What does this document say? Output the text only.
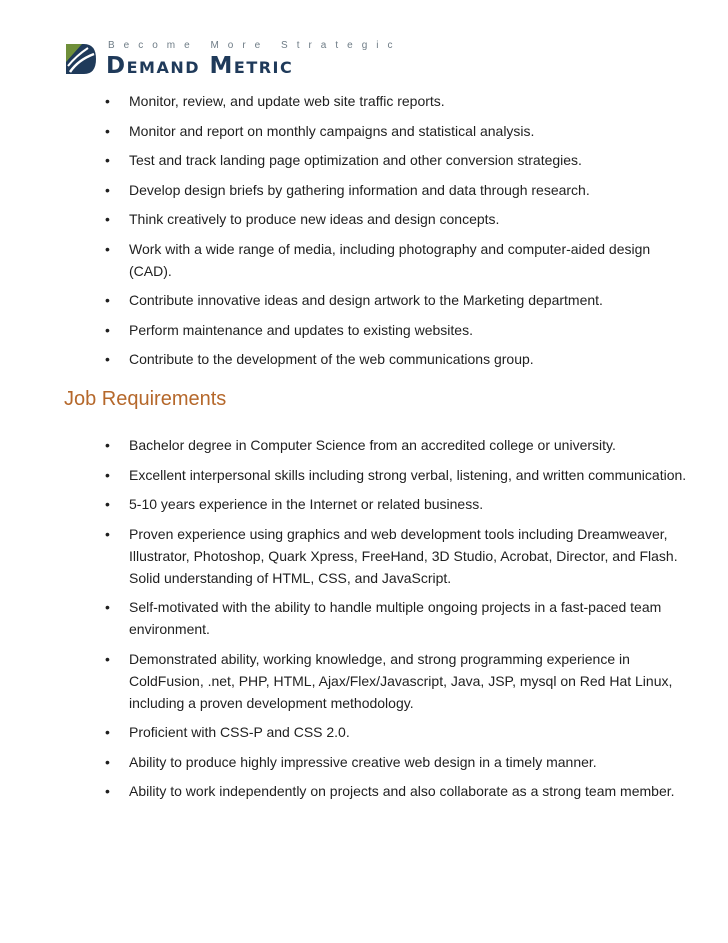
Become More Strategic
Demand Metric
• Monitor, review, and update web site traffic reports.
• Monitor and report on monthly campaigns and statistical analysis.
• Test and track landing page optimization and other conversion strategies.
• Develop design briefs by gathering information and data through research.
• Think creatively to produce new ideas and design concepts.
• Work with a wide range of media, including photography and computer-aided design (CAD).
• Contribute innovative ideas and design artwork to the Marketing department.
• Perform maintenance and updates to existing websites.
• Contribute to the development of the web communications group.
Job Requirements
• Bachelor degree in Computer Science from an accredited college or university.
• Excellent interpersonal skills including strong verbal, listening, and written communication.
• 5-10 years experience in the Internet or related business.
• Proven experience using graphics and web development tools including Dreamweaver, Illustrator, Photoshop, Quark Xpress, FreeHand, 3D Studio, Acrobat, Director, and Flash. Solid understanding of HTML, CSS, and JavaScript.
• Self-motivated with the ability to handle multiple ongoing projects in a fast-paced team environment.
• Demonstrated ability, working knowledge, and strong programming experience in ColdFusion, .net, PHP, HTML, Ajax/Flex/Javascript, Java, JSP, mysql on Red Hat Linux, including a proven development methodology.
• Proficient with CSS-P and CSS 2.0.
• Ability to produce highly impressive creative web design in a timely manner.
• Ability to work independently on projects and also collaborate as a strong team member.
